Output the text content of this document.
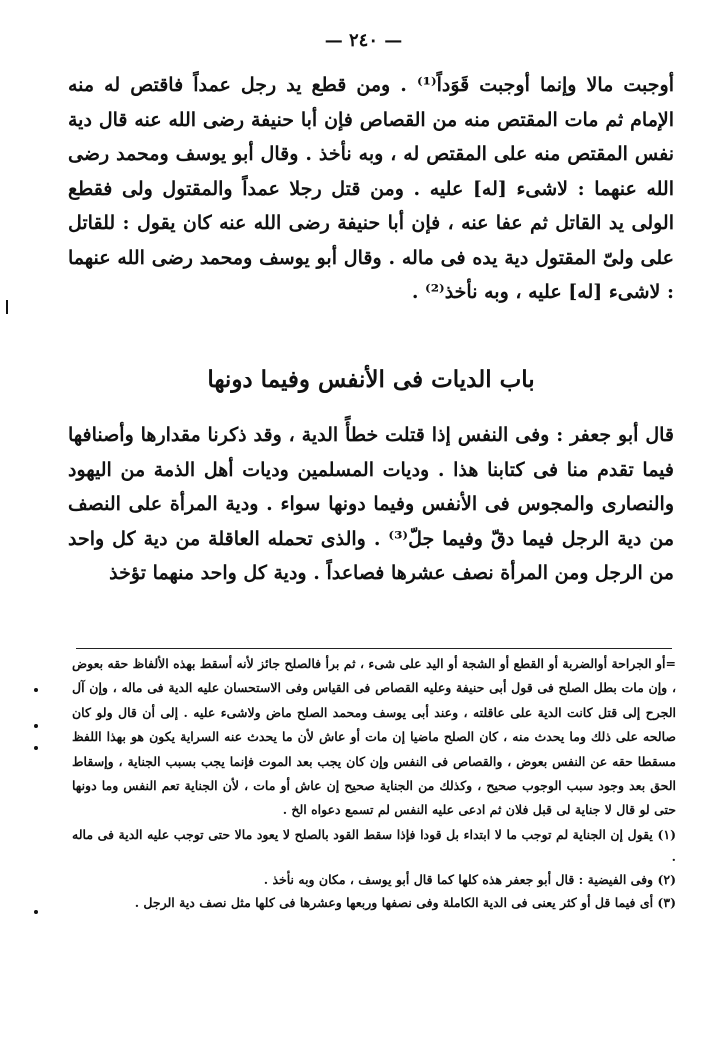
— ٢٤٠ —
أوجبت مالا وإنما أوجبت قَوَداً⁽¹⁾ . ومن قطع يد رجل عمداً فاقتص له منه الإمام ثم مات المقتص منه من القصاص فإن أبا حنيفة رضى الله عنه قال دية نفس المقتص منه على المقتص له ، وبه نأخذ . وقال أبو يوسف ومحمد رضى الله عنهما : لاشىء [له] عليه . ومن قتل رجلا عمداً والمقتول ولى فقطع الولى يد القاتل ثم عفا عنه ، فإن أبا حنيفة رضى الله عنه كان يقول : للقاتل على ولىّ المقتول دية يده فى ماله . وقال أبو يوسف ومحمد رضى الله عنهما : لاشىء [له] عليه ، وبه نأخذ⁽²⁾ .
باب الديات فى الأنفس وفيما دونها
قال أبو جعفر : وفى النفس إذا قتلت خطأً الدية ، وقد ذكرنا مقدارها وأصنافها فيما تقدم منا فى كتابنا هذا . وديات المسلمين وديات أهل الذمة من اليهود والنصارى والمجوس فى الأنفس وفيما دونها سواء . ودية المرأة على النصف من دية الرجل فيما دقّ وفيما جلّ⁽³⁾ . والذى تحمله العاقلة من دية كل واحد من الرجل ومن المرأة نصف عشرها فصاعداً . ودية كل واحد منهما تؤخذ
=أو الجراحة أوالضربة أو القطع أو الشجة أو اليد على شىء ، ثم برأ فالصلح جائز لأنه أسقط بهذه الألفاظ حقه بعوض ، وإن مات بطل الصلح فى قول أبى حنيفة وعليه القصاص فى القياس وفى الاستحسان عليه الدية فى ماله ، وإن آل الجرح إلى قتل كانت الدية على عاقلته ، وعند أبى يوسف ومحمد الصلح ماض ولاشىء عليه . إلى أن قال ولو كان صالحه على ذلك وما يحدث منه ، كان الصلح ماضيا إن مات أو عاش لأن ما يحدث عنه السراية يكون هو بهذا اللفظ مسقطا حقه عن النفس بعوض ، والقصاص فى النفس وإن كان يجب بعد الموت فإنما يجب بسبب الجناية ، وإسقاط الحق بعد وجود سبب الوجوب صحيح ، وكذلك من الجناية صحيح إن عاش أو مات ، لأن الجناية تعم النفس وما دونها حتى لو قال لا جناية لى قبل فلان ثم ادعى عليه النفس لم تسمع دعواه الخ .
(١) يقول إن الجناية لم توجب ما لا ابتداء بل قودا فإذا سقط القود بالصلح لا يعود مالا حتى توجب عليه الدية فى ماله .
(٢) وفى الفيضية : قال أبو جعفر هذه كلها كما قال أبو يوسف ، مكان وبه نأخذ .
(٣) أى فيما قل أو كثر يعنى فى الدية الكاملة وفى نصفها وربعها وعشرها فى كلها مثل نصف دية الرجل .
